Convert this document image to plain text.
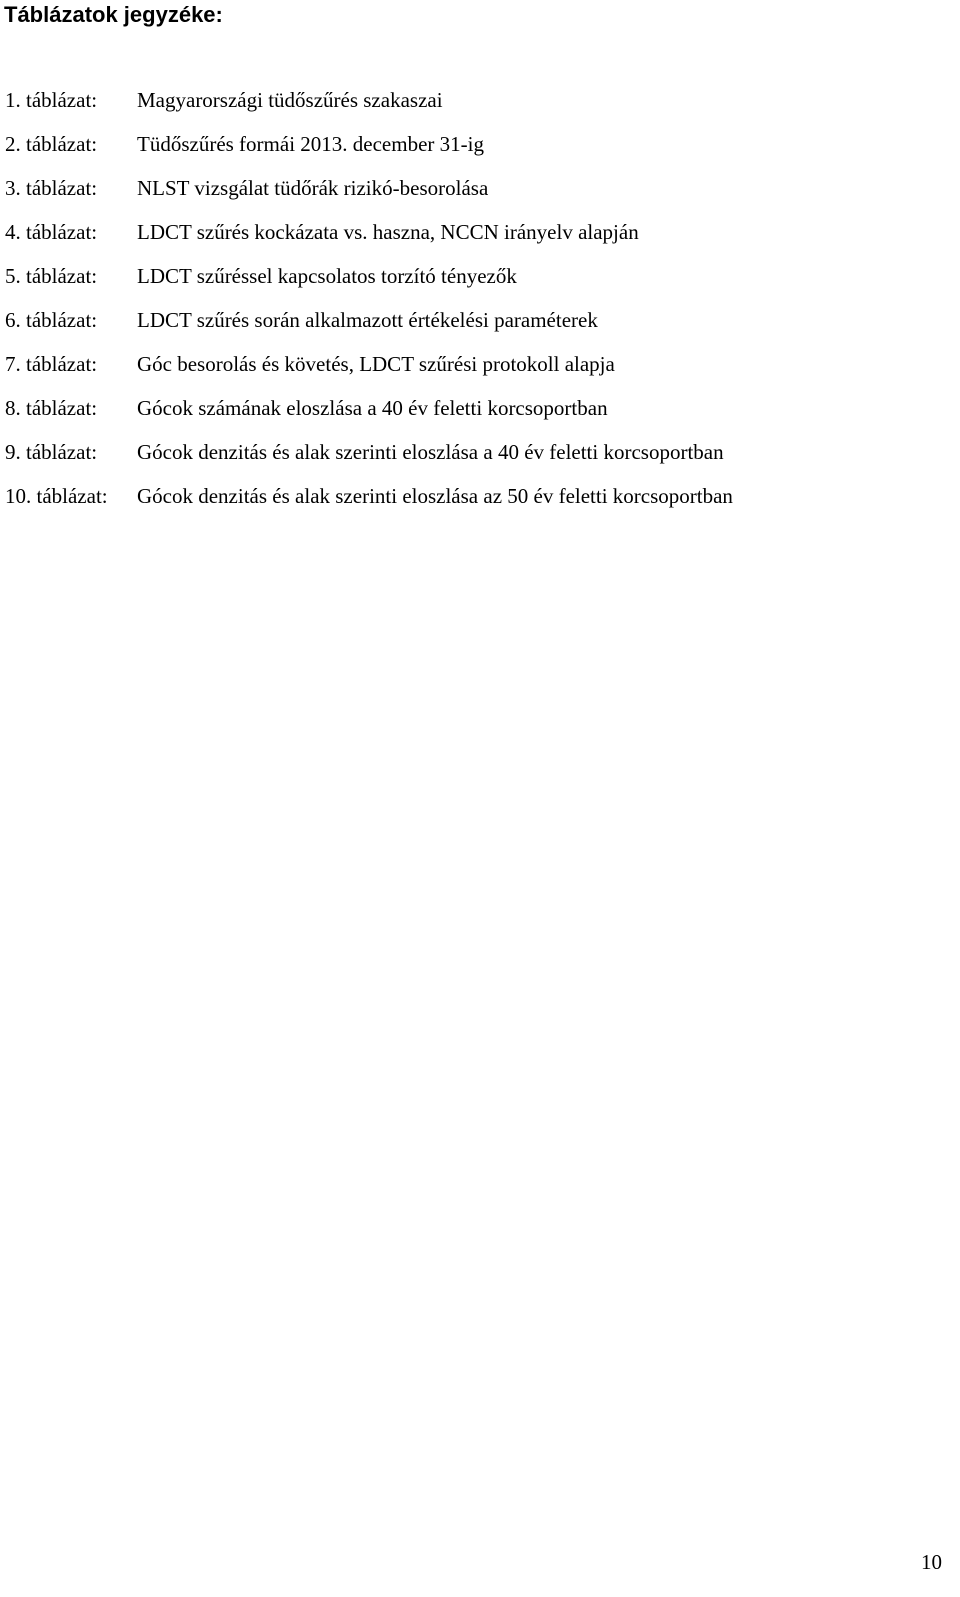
Táblázatok jegyzéke:
1. táblázat:	Magyarországi tüdőszűrés szakaszai
2. táblázat:	Tüdőszűrés formái 2013. december 31-ig
3. táblázat:	NLST vizsgálat tüdőrák rizikó-besorolása
4. táblázat:	LDCT szűrés kockázata vs. haszna, NCCN irányelv alapján
5. táblázat:	LDCT szűréssel kapcsolatos torzító tényezők
6. táblázat:	LDCT szűrés során alkalmazott értékelési paraméterek
7. táblázat:	Góc besorolás és követés, LDCT szűrési protokoll alapja
8. táblázat:	Gócok számának eloszlása a 40 év feletti korcsoportban
9. táblázat:	Gócok denzitás és alak szerinti eloszlása a 40 év feletti korcsoportban
10. táblázat:	Gócok denzitás és alak szerinti eloszlása az 50 év feletti korcsoportban
10
